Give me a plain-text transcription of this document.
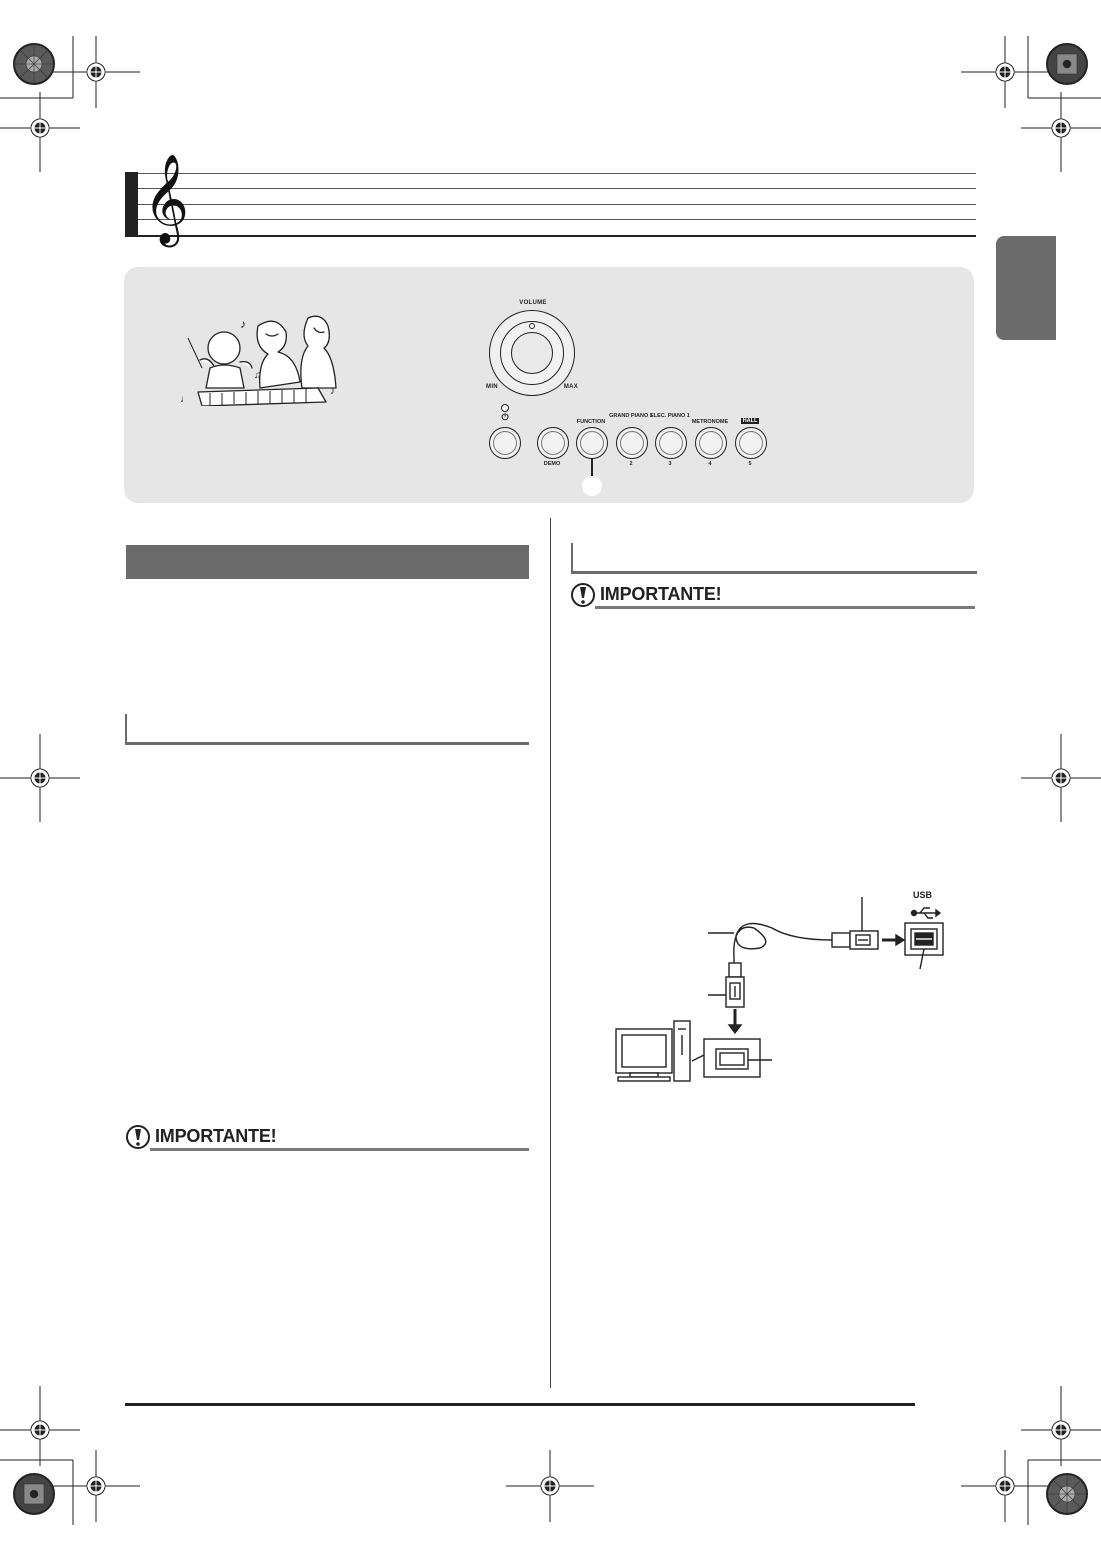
𝄞
♪
♫
♪
♩
VOLUME
MIN	MAX
⏻
DEMO
FUNCTION
GRAND PIANO 1
2
ELEC. PIANO 1
3
METRONOME
4
HALL
5
IMPORTANTE!
IMPORTANTE!
USB
